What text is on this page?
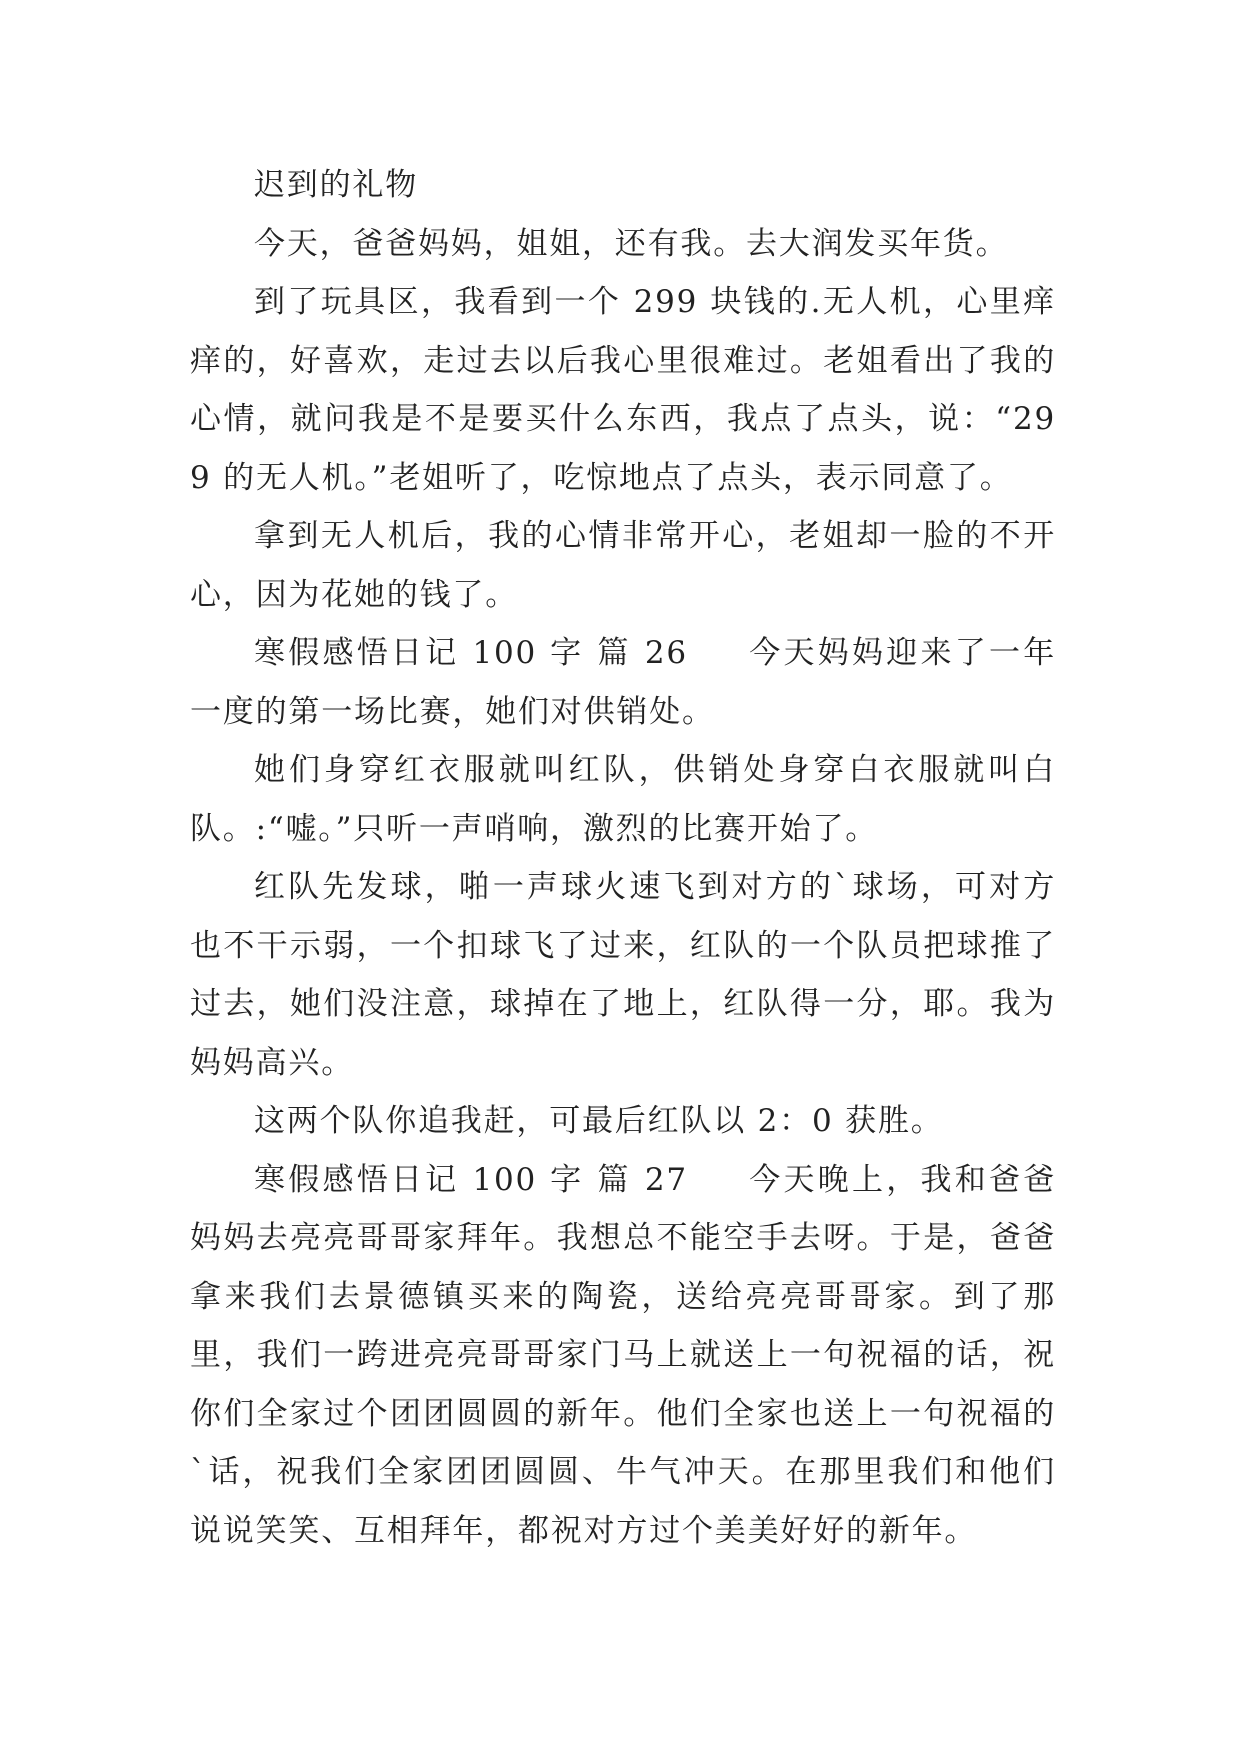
迟到的礼物

今天，爸爸妈妈，姐姐，还有我。去大润发买年货。

到了玩具区，我看到一个 299 块钱的.无人机，心里痒痒的，好喜欢，走过去以后我心里很难过。老姐看出了我的心情，就问我是不是要买什么东西，我点了点头，说：“299 的无人机。”老姐听了，吃惊地点了点头，表示同意了。

拿到无人机后，我的心情非常开心，老姐却一脸的不开心，因为花她的钱了。

寒假感悟日记 100 字 篇 26 今天妈妈迎来了一年一度的第一场比赛，她们对供销处。

她们身穿红衣服就叫红队，供销处身穿白衣服就叫白队。:“嘘。”只听一声哨响，激烈的比赛开始了。

红队先发球，啪一声球火速飞到对方的`球场，可对方也不干示弱，一个扣球飞了过来，红队的一个队员把球推了过去，她们没注意，球掉在了地上，红队得一分，耶。我为妈妈高兴。

这两个队你追我赶，可最后红队以 2：0 获胜。

寒假感悟日记 100 字 篇 27 今天晚上，我和爸爸妈妈去亮亮哥哥家拜年。我想总不能空手去呀。于是，爸爸拿来我们去景德镇买来的陶瓷，送给亮亮哥哥家。到了那里，我们一跨进亮亮哥哥家门马上就送上一句祝福的话，祝你们全家过个团团圆圆的新年。他们全家也送上一句祝福的`话，祝我们全家团团圆圆、牛气冲天。在那里我们和他们说说笑笑、互相拜年，都祝对方过个美美好好的新年。
